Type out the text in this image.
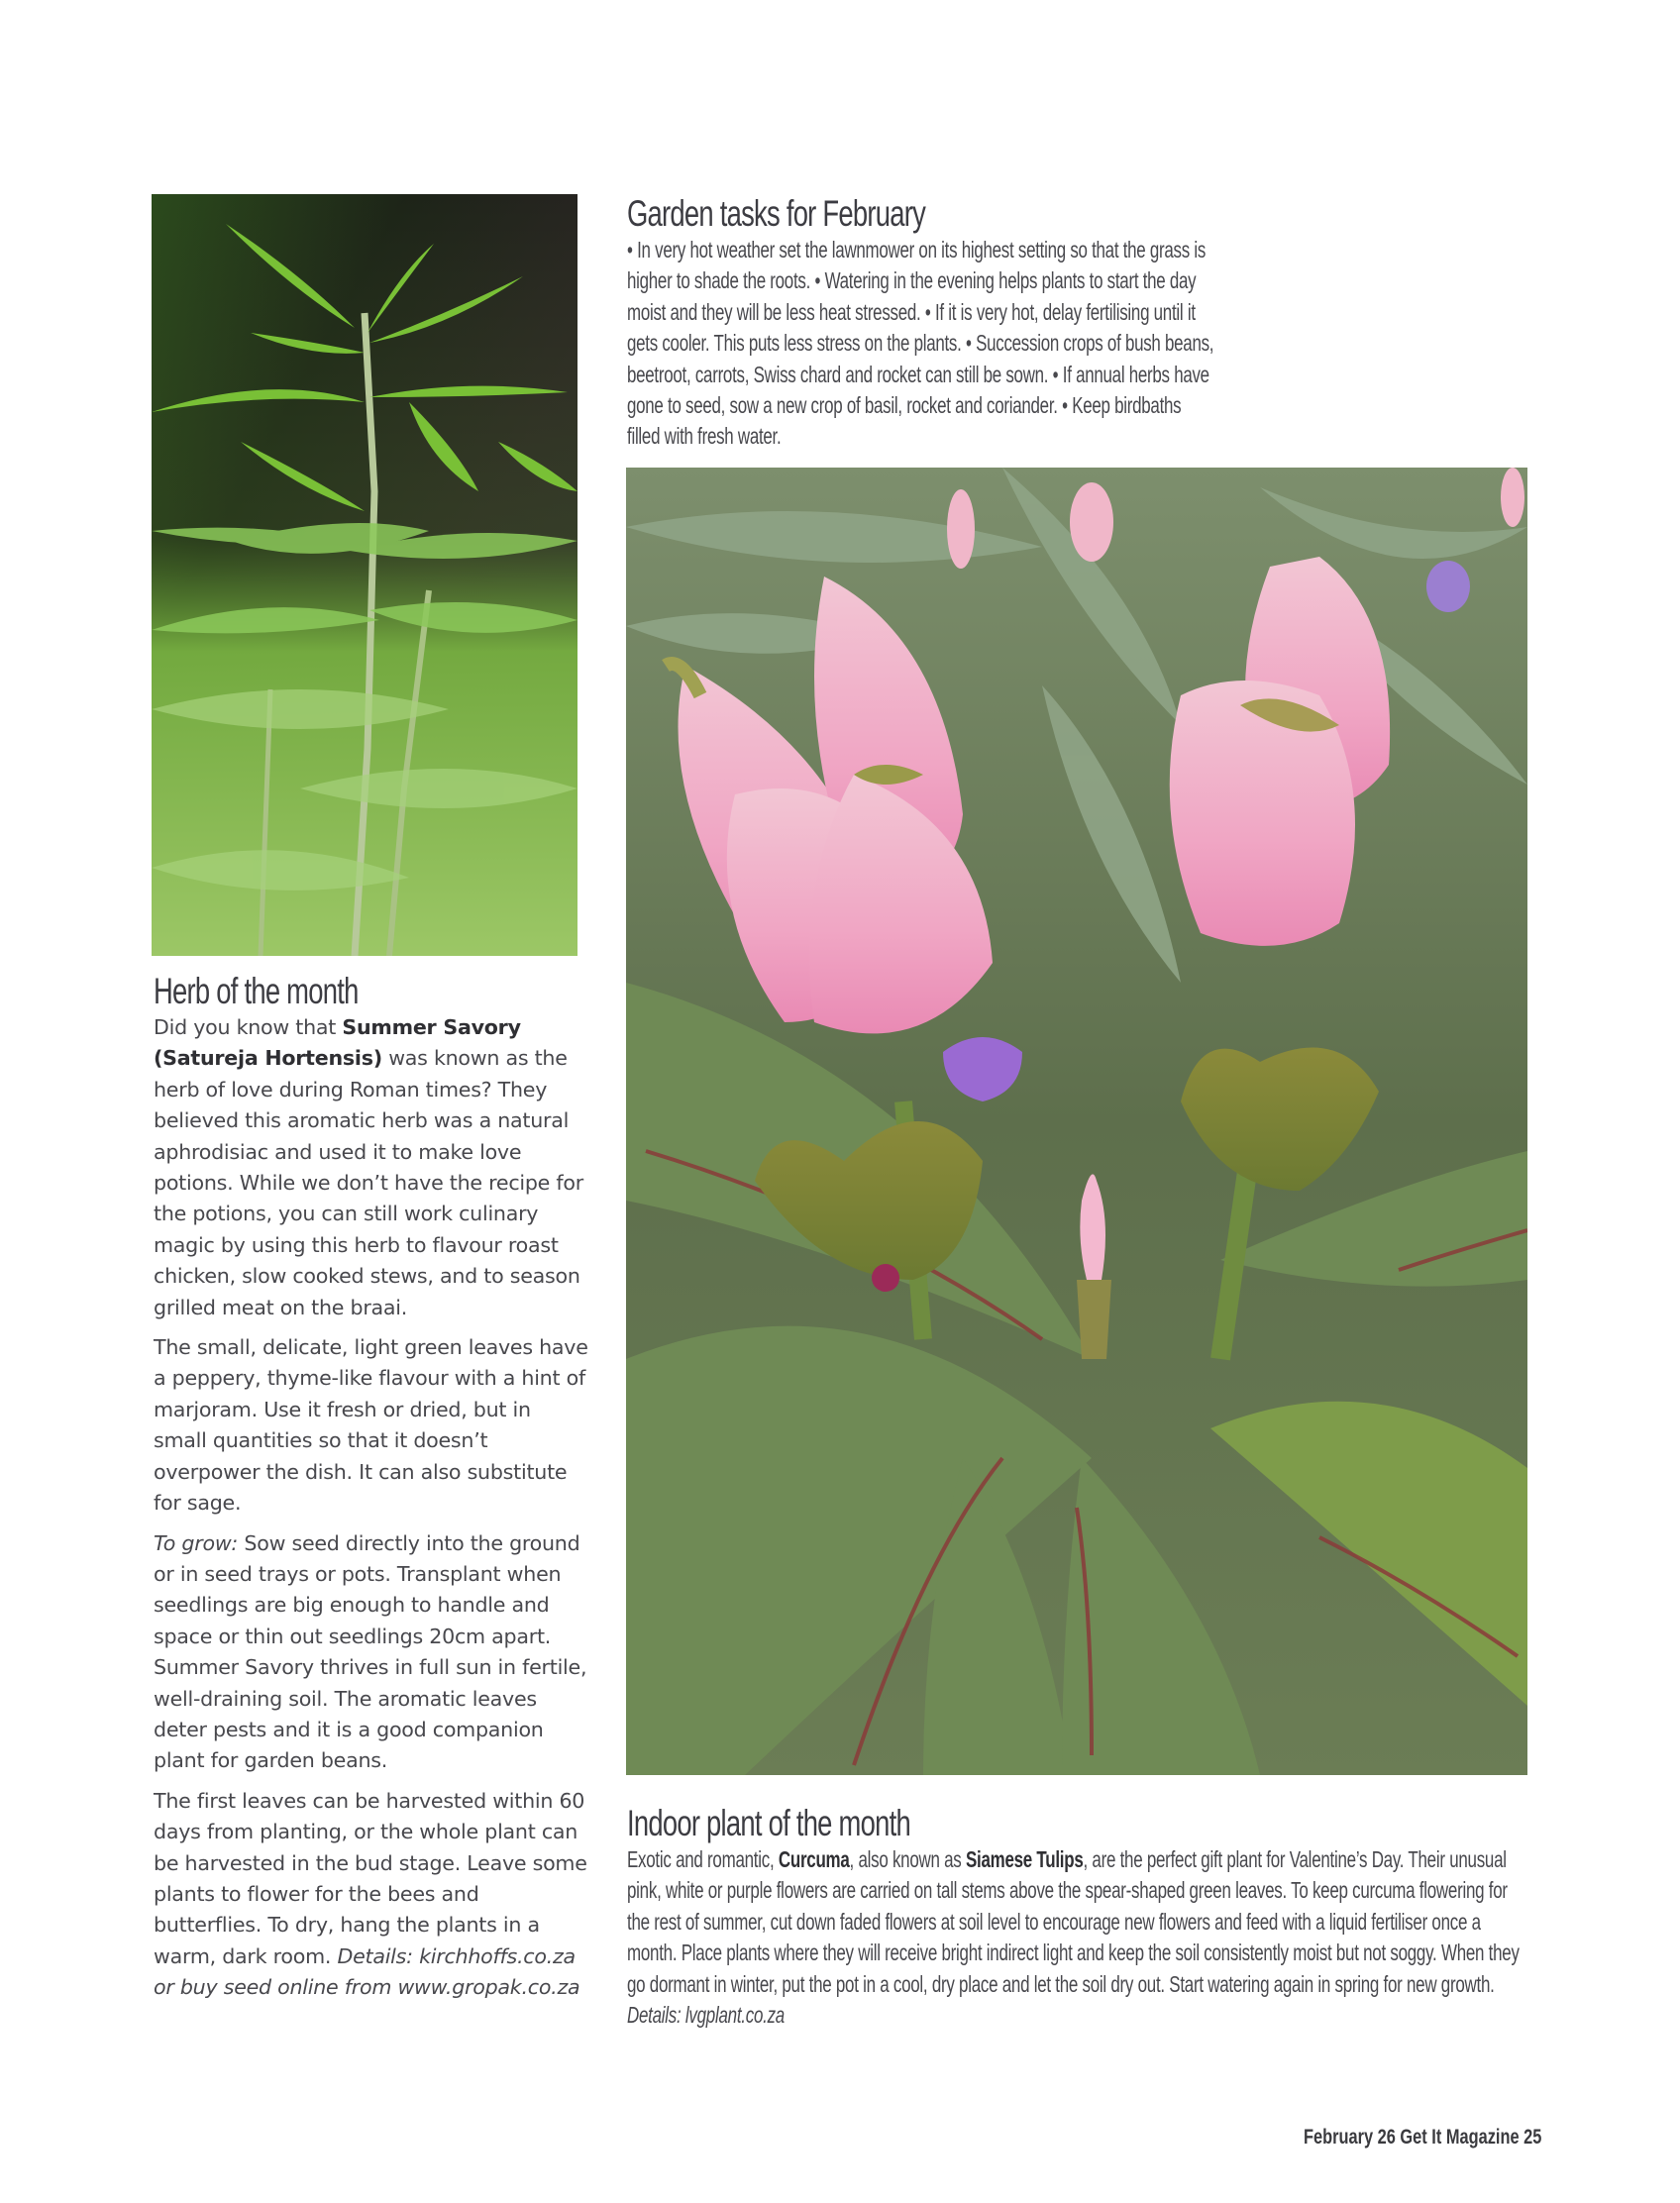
Garden tasks for February
• In very hot weather set the lawnmower on its highest setting so that the grass is
higher to shade the roots. • Watering in the evening helps plants to start the day
moist and they will be less heat stressed. • If it is very hot, delay fertilising until it
gets cooler. This puts less stress on the plants. • Succession crops of bush beans,
beetroot, carrots, Swiss chard and rocket can still be sown. • If annual herbs have
gone to seed, sow a new crop of basil, rocket and coriander. • Keep birdbaths
filled with fresh water.
Herb of the month

Did you know that Summer Savory (Satureja Hortensis) was known as the herb of love during Roman times? They believed this aromatic herb was a natural aphrodisiac and used it to make love potions. While we don’t have the recipe for the potions, you can still work culinary magic by using this herb to flavour roast chicken, slow cooked stews, and to season grilled meat on the braai.

The small, delicate, light green leaves have a peppery, thyme-like flavour with a hint of marjoram. Use it fresh or dried, but in small quantities so that it doesn’t overpower the dish. It can also substitute for sage.

To grow: Sow seed directly into the ground or in seed trays or pots. Transplant when seedlings are big enough to handle and space or thin out seedlings 20cm apart. Summer Savory thrives in full sun in fertile, well-draining soil. The aromatic leaves deter pests and it is a good companion plant for garden beans.

The first leaves can be harvested within 60 days from planting, or the whole plant can be harvested in the bud stage. Leave some plants to flower for the bees and butterflies. To dry, hang the plants in a warm, dark room. Details: kirchhoffs.co.za or buy seed online from www.gropak.co.za

Indoor plant of the month

Exotic and romantic, Curcuma, also known as Siamese Tulips, are the perfect gift plant for Valentine’s Day. Their unusual pink, white or purple flowers are carried on tall stems above the spear-shaped green leaves. To keep curcuma flowering for the rest of summer, cut down faded flowers at soil level to encourage new flowers and feed with a liquid fertiliser once a month. Place plants where they will receive bright indirect light and keep the soil consistently moist but not soggy. When they go dormant in winter, put the pot in a cool, dry place and let the soil dry out. Start watering again in spring for new growth. Details: lvgplant.co.za

February 26 Get It Magazine 25
